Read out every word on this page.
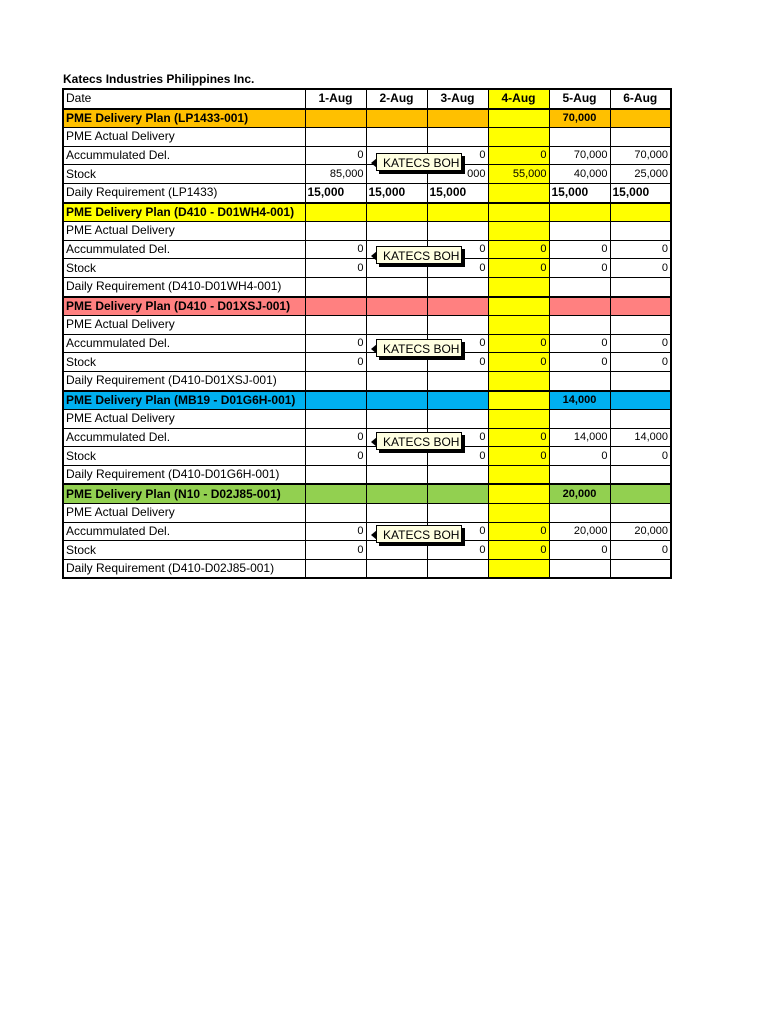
Katecs Industries Philippines Inc.
Date	1-Aug	2-Aug	3-Aug	4-Aug	5-Aug	6-Aug
PME Delivery Plan (LP1433-001)					70,000	
PME Actual Delivery						
Accummulated Del.	0		0	0	70,000	70,000
Stock	85,000		000	55,000	40,000	25,000
Daily Requirement (LP1433)	15,000	15,000	15,000		15,000	15,000
PME Delivery Plan (D410 - D01WH4-001)						
PME Actual Delivery						
Accummulated Del.	0		0	0	0	0
Stock	0		0	0	0	0
Daily Requirement (D410-D01WH4-001)						
PME Delivery Plan (D410 - D01XSJ-001)						
PME Actual Delivery						
Accummulated Del.	0		0	0	0	0
Stock	0		0	0	0	0
Daily Requirement (D410-D01XSJ-001)						
PME Delivery Plan (MB19 - D01G6H-001)					14,000	
PME Actual Delivery						
Accummulated Del.	0		0	0	14,000	14,000
Stock	0		0	0	0	0
Daily Requirement (D410-D01G6H-001)						
PME Delivery Plan (N10 - D02J85-001)					20,000	
PME Actual Delivery						
Accummulated Del.	0		0	0	20,000	20,000
Stock	0		0	0	0	0
Daily Requirement (D410-D02J85-001)						
KATECS BOH
KATECS BOH
KATECS BOH
KATECS BOH
KATECS BOH
